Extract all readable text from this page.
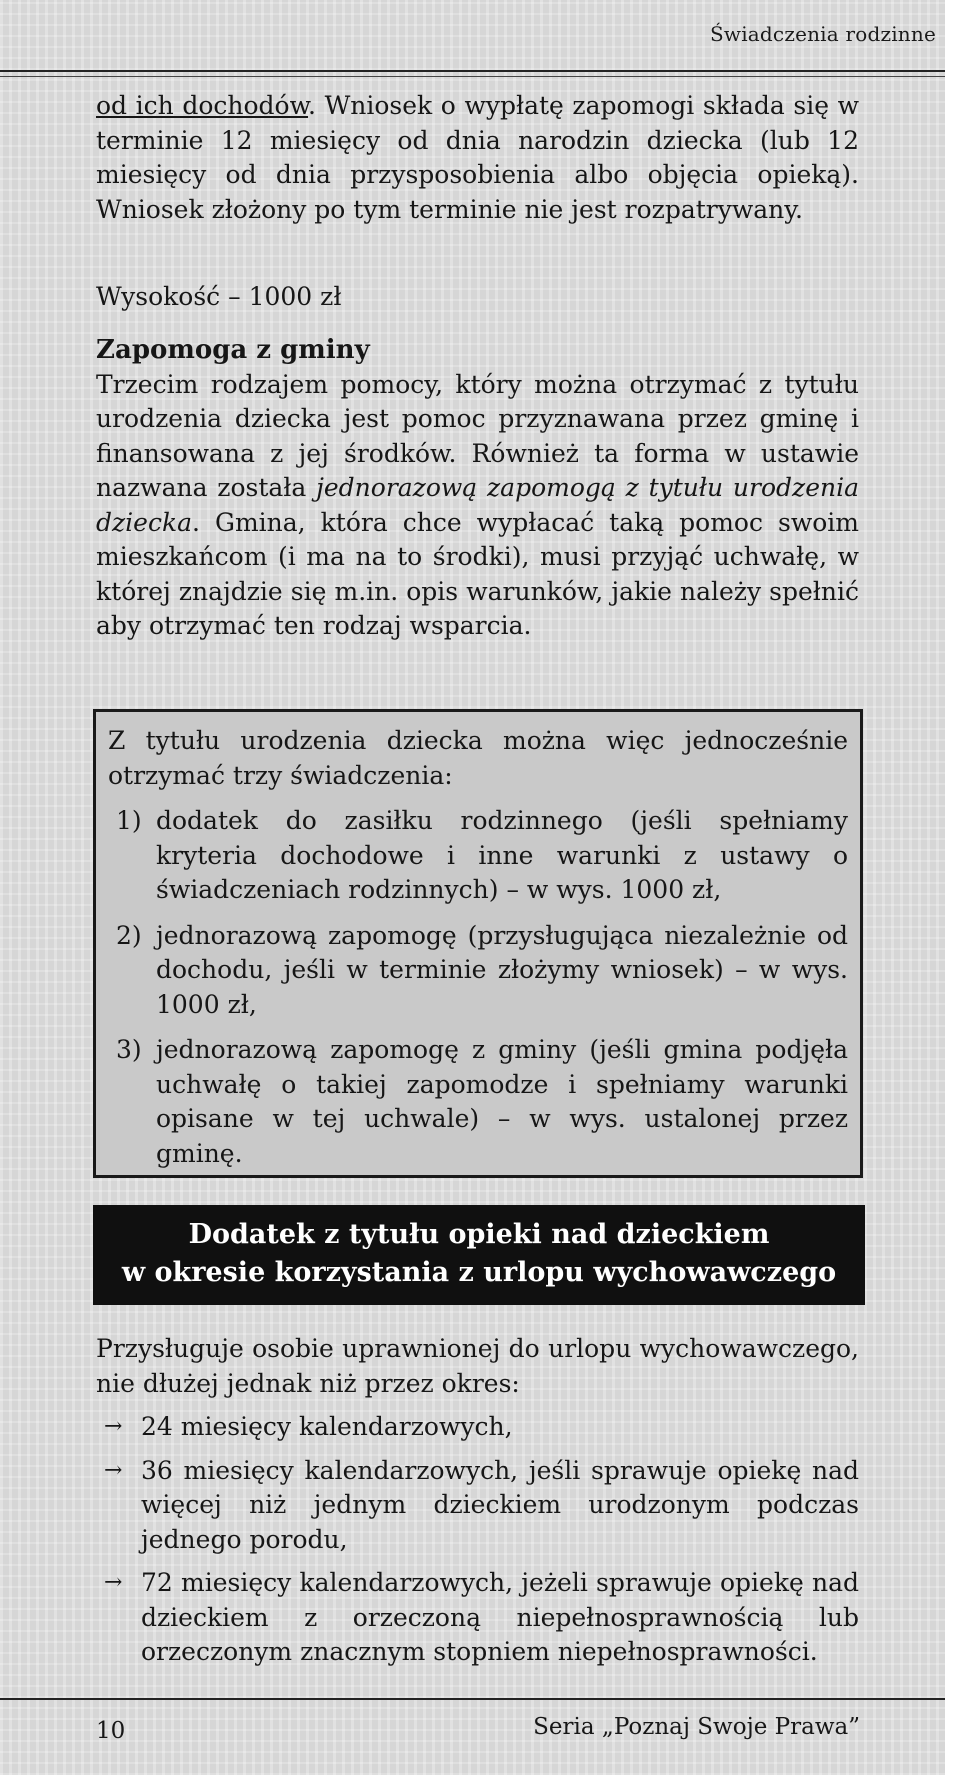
Świadczenia rodzinne

od ich dochodów. Wniosek o wypłatę zapomogi składa się w terminie 12 miesięcy od dnia narodzin dziecka (lub 12 miesięcy od dnia przysposobienia albo objęcia opieką). Wniosek złożony po tym terminie nie jest rozpatrywany.

Wysokość – 1000 zł

Zapomoga z gminy

Trzecim rodzajem pomocy, który można otrzymać z tytułu urodzenia dziecka jest pomoc przyznawana przez gminę i finansowana z jej środków. Również ta forma w ustawie nazwana została jednorazową zapomogą z tytułu urodzenia dziecka. Gmina, która chce wypłacać taką pomoc swoim mieszkańcom (i ma na to środki), musi przyjąć uchwałę, w której znajdzie się m.in. opis warunków, jakie należy spełnić aby otrzymać ten rodzaj wsparcia.

Z tytułu urodzenia dziecka można więc jednocześnie otrzymać trzy świadczenia:

1) dodatek do zasiłku rodzinnego (jeśli spełniamy kryteria dochodowe i inne warunki z ustawy o świadczeniach rodzinnych) – w wys. 1000 zł,
2) jednorazową zapomogę (przysługująca niezależnie od dochodu, jeśli w terminie złożymy wniosek) – w wys. 1000 zł,
3) jednorazową zapomogę z gminy (jeśli gmina podjęła uchwałę o takiej zapomodze i spełniamy warunki opisane w tej uchwale) – w wys. ustalonej przez gminę.
Dodatek z tytułu opieki nad dzieckiem
w okresie korzystania z urlopu wychowawczego

Przysługuje osobie uprawnionej do urlopu wychowawczego, nie dłużej jednak niż przez okres:

→ 24 miesięcy kalendarzowych,
→ 36 miesięcy kalendarzowych, jeśli sprawuje opiekę nad więcej niż jednym dzieckiem urodzonym podczas jednego porodu,
→ 72 miesięcy kalendarzowych, jeżeli sprawuje opiekę nad dzieckiem z orzeczoną niepełnosprawnością lub orzeczonym znacznym stopniem niepełnosprawności.
10	Seria „Poznaj Swoje Prawa”
